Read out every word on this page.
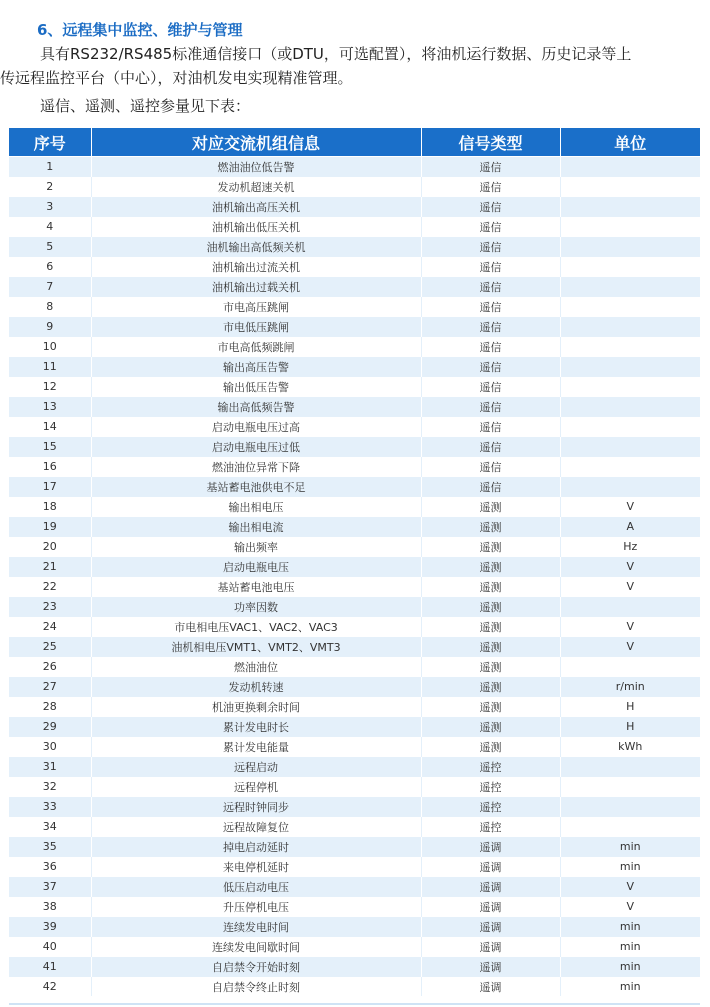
6、远程集中监控、维护与管理

具有RS232/RS485标准通信接口（或DTU，可选配置），将油机运行数据、历史记录等上
传远程监控平台（中心），对油机发电实现精准管理。

遥信、遥测、遥控参量见下表：

序号	对应交流机组信息	信号类型	单位
1	燃油油位低告警	遥信	
2	发动机超速关机	遥信	
3	油机输出高压关机	遥信	
4	油机输出低压关机	遥信	
5	油机输出高低频关机	遥信	
6	油机输出过流关机	遥信	
7	油机输出过载关机	遥信	
8	市电高压跳闸	遥信	
9	市电低压跳闸	遥信	
10	市电高低频跳闸	遥信	
11	输出高压告警	遥信	
12	输出低压告警	遥信	
13	输出高低频告警	遥信	
14	启动电瓶电压过高	遥信	
15	启动电瓶电压过低	遥信	
16	燃油油位异常下降	遥信	
17	基站蓄电池供电不足	遥信	
18	输出相电压	遥测	V
19	输出相电流	遥测	A
20	输出频率	遥测	Hz
21	启动电瓶电压	遥测	V
22	基站蓄电池电压	遥测	V
23	功率因数	遥测	
24	市电相电压VAC1、VAC2、VAC3	遥测	V
25	油机相电压VMT1、VMT2、VMT3	遥测	V
26	燃油油位	遥测	
27	发动机转速	遥测	r/min
28	机油更换剩余时间	遥测	H
29	累计发电时长	遥测	H
30	累计发电能量	遥测	kWh
31	远程启动	遥控	
32	远程停机	遥控	
33	远程时钟同步	遥控	
34	远程故障复位	遥控	
35	掉电启动延时	遥调	min
36	来电停机延时	遥调	min
37	低压启动电压	遥调	V
38	升压停机电压	遥调	V
39	连续发电时间	遥调	min
40	连续发电间歇时间	遥调	min
41	自启禁令开始时刻	遥调	min
42	自启禁令终止时刻	遥调	min
